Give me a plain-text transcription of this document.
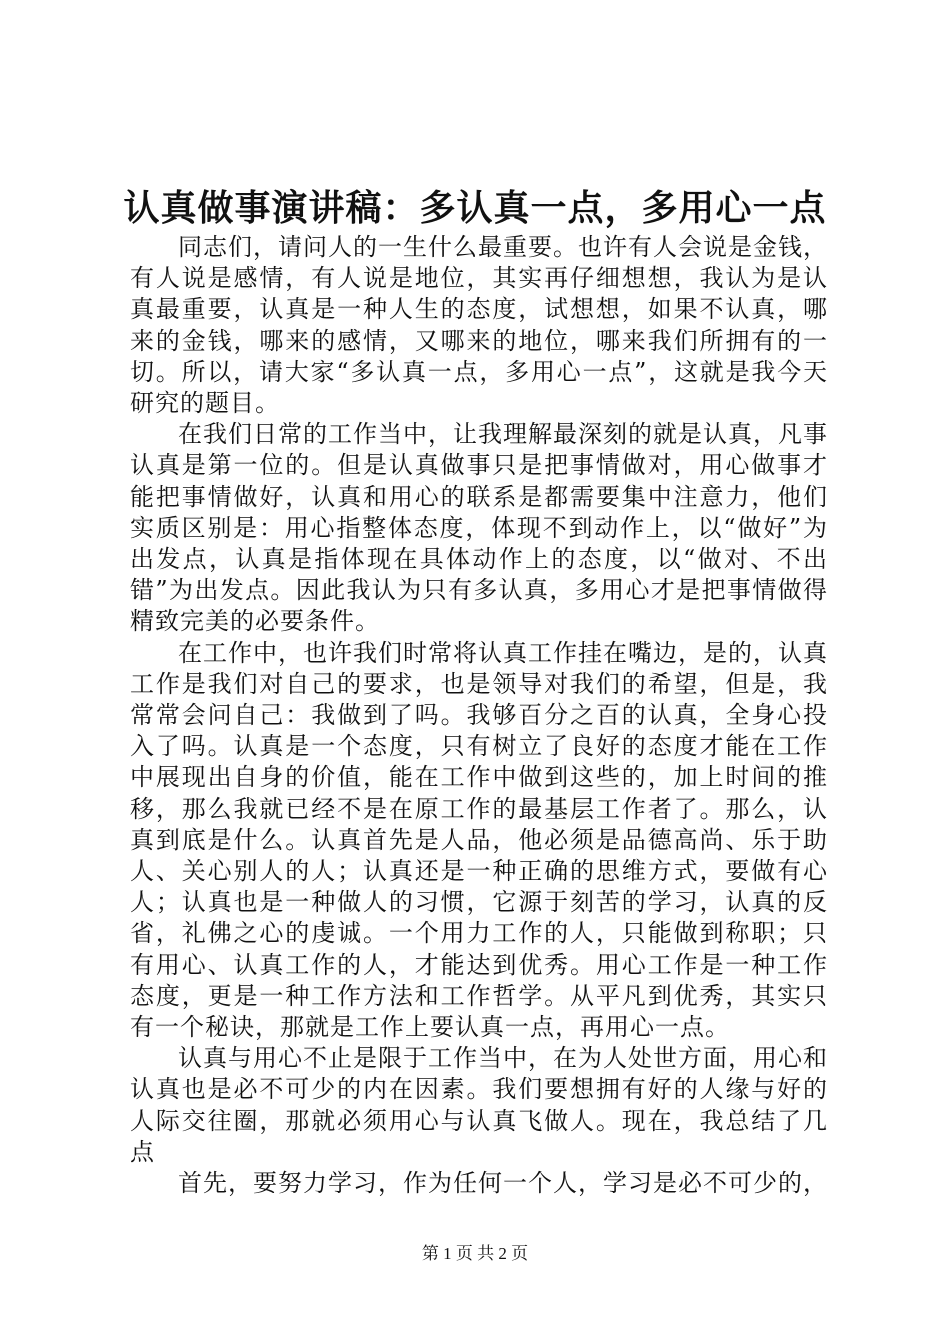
认真做事演讲稿：多认真一点，多用心一点

同志们，请问人的一生什么最重要。也许有人会说是金钱，有人说是感情，有人说是地位，其实再仔细想想，我认为是认真最重要，认真是一种人生的态度，试想想，如果不认真，哪来的金钱，哪来的感情，又哪来的地位，哪来我们所拥有的一切。所以，请大家“多认真一点，多用心一点”，这就是我今天研究的题目。

在我们日常的工作当中，让我理解最深刻的就是认真，凡事认真是第一位的。但是认真做事只是把事情做对，用心做事才能把事情做好，认真和用心的联系是都需要集中注意力，他们实质区别是：用心指整体态度，体现不到动作上，以“做好”为出发点，认真是指体现在具体动作上的态度，以“做对、不出错”为出发点。因此我认为只有多认真，多用心才是把事情做得精致完美的必要条件。

在工作中，也许我们时常将认真工作挂在嘴边，是的，认真工作是我们对自己的要求，也是领导对我们的希望，但是，我常常会问自己：我做到了吗。我够百分之百的认真，全身心投入了吗。认真是一个态度，只有树立了良好的态度才能在工作中展现出自身的价值，能在工作中做到这些的，加上时间的推移，那么我就已经不是在原工作的最基层工作者了。那么，认真到底是什么。认真首先是人品，他必须是品德高尚、乐于助人、关心别人的人；认真还是一种正确的思维方式，要做有心人；认真也是一种做人的习惯，它源于刻苦的学习，认真的反省，礼佛之心的虔诚。一个用力工作的人，只能做到称职；只有用心、认真工作的人，才能达到优秀。用心工作是一种工作态度，更是一种工作方法和工作哲学。从平凡到优秀，其实只有一个秘诀，那就是工作上要认真一点，再用心一点。

认真与用心不止是限于工作当中，在为人处世方面，用心和认真也是必不可少的内在因素。我们要想拥有好的人缘与好的人际交往圈，那就必须用心与认真飞做人。现在，我总结了几点

首先，要努力学习，作为任何一个人，学习是必不可少的，

第 1 页 共 2 页
